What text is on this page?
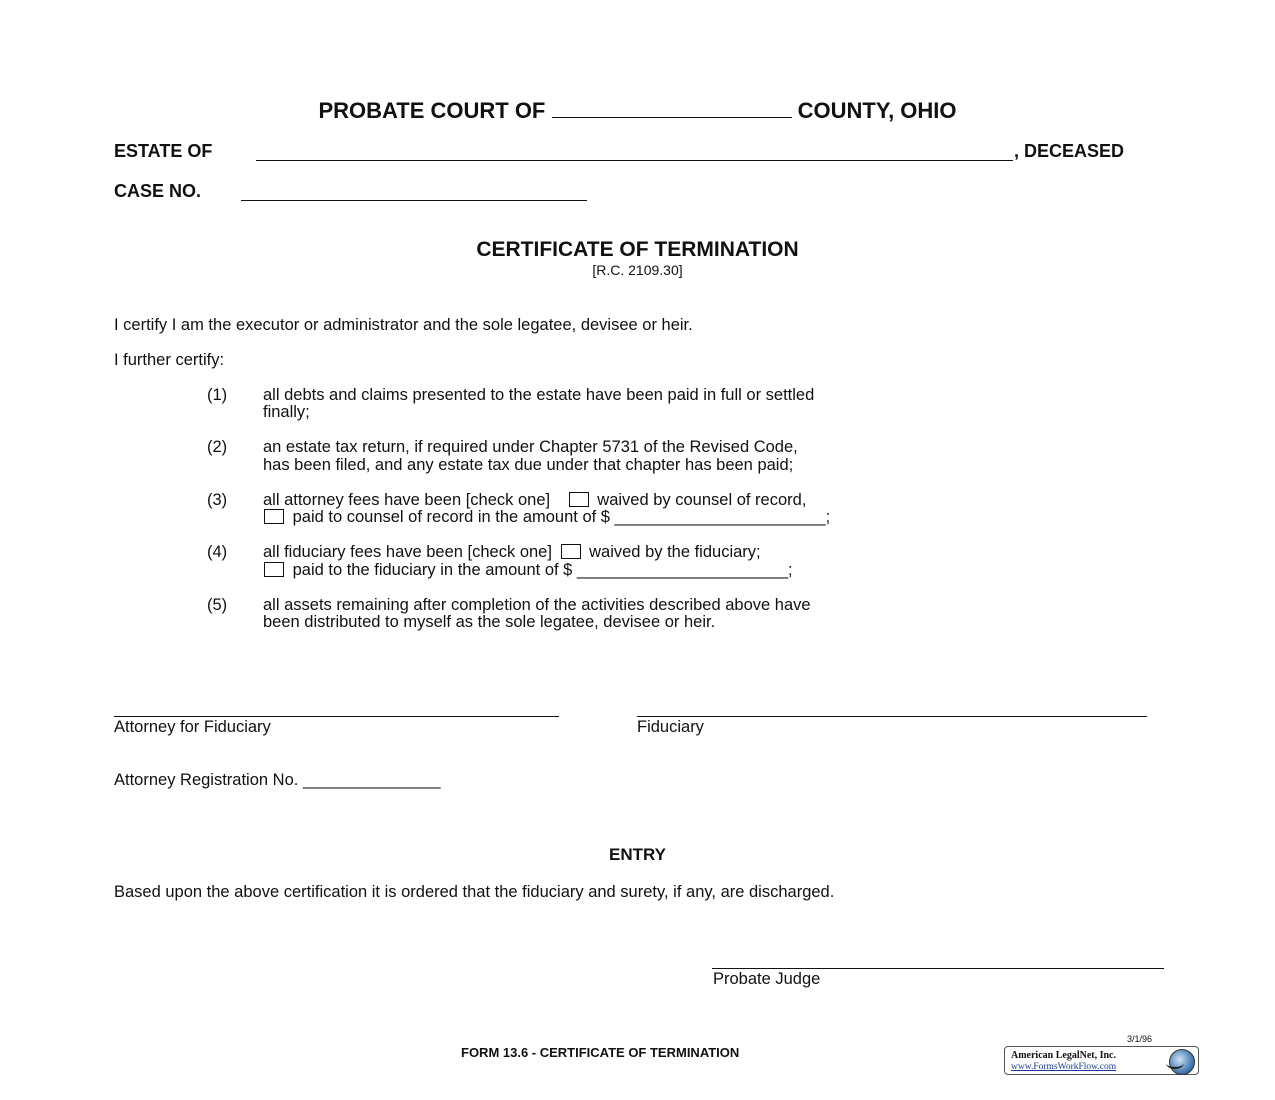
PROBATE COURT OF	COUNTY, OHIO
ESTATE OF	, DECEASED
CASE NO.
CERTIFICATE OF TERMINATION
[R.C. 2109.30]
I certify I am the executor or administrator and the sole legatee, devisee or heir.
I further certify:
(1) all debts and claims presented to the estate have been paid in full or settled
finally;
(2) an estate tax return, if required under Chapter 5731 of the Revised Code,
has been filed, and any estate tax due under that chapter has been paid;
(3) all attorney fees have been [check one]	waived by counsel of record,
paid to counsel of record in the amount of $ _______________________;
(4) all fiduciary fees have been [check one] waived by the fiduciary;
paid to the fiduciary in the amount of $ _______________________;
(5) all assets remaining after completion of the activities described above have
been distributed to myself as the sole legatee, devisee or heir.
Attorney for Fiduciary	Fiduciary
Attorney Registration No. _______________
ENTRY
Based upon the above certification it is ordered that the fiduciary and surety, if any, are discharged.
Probate Judge
3/1/96
FORM 13.6 - CERTIFICATE OF TERMINATION	American LegalNet, Inc.
www.FormsWorkFlow.com
